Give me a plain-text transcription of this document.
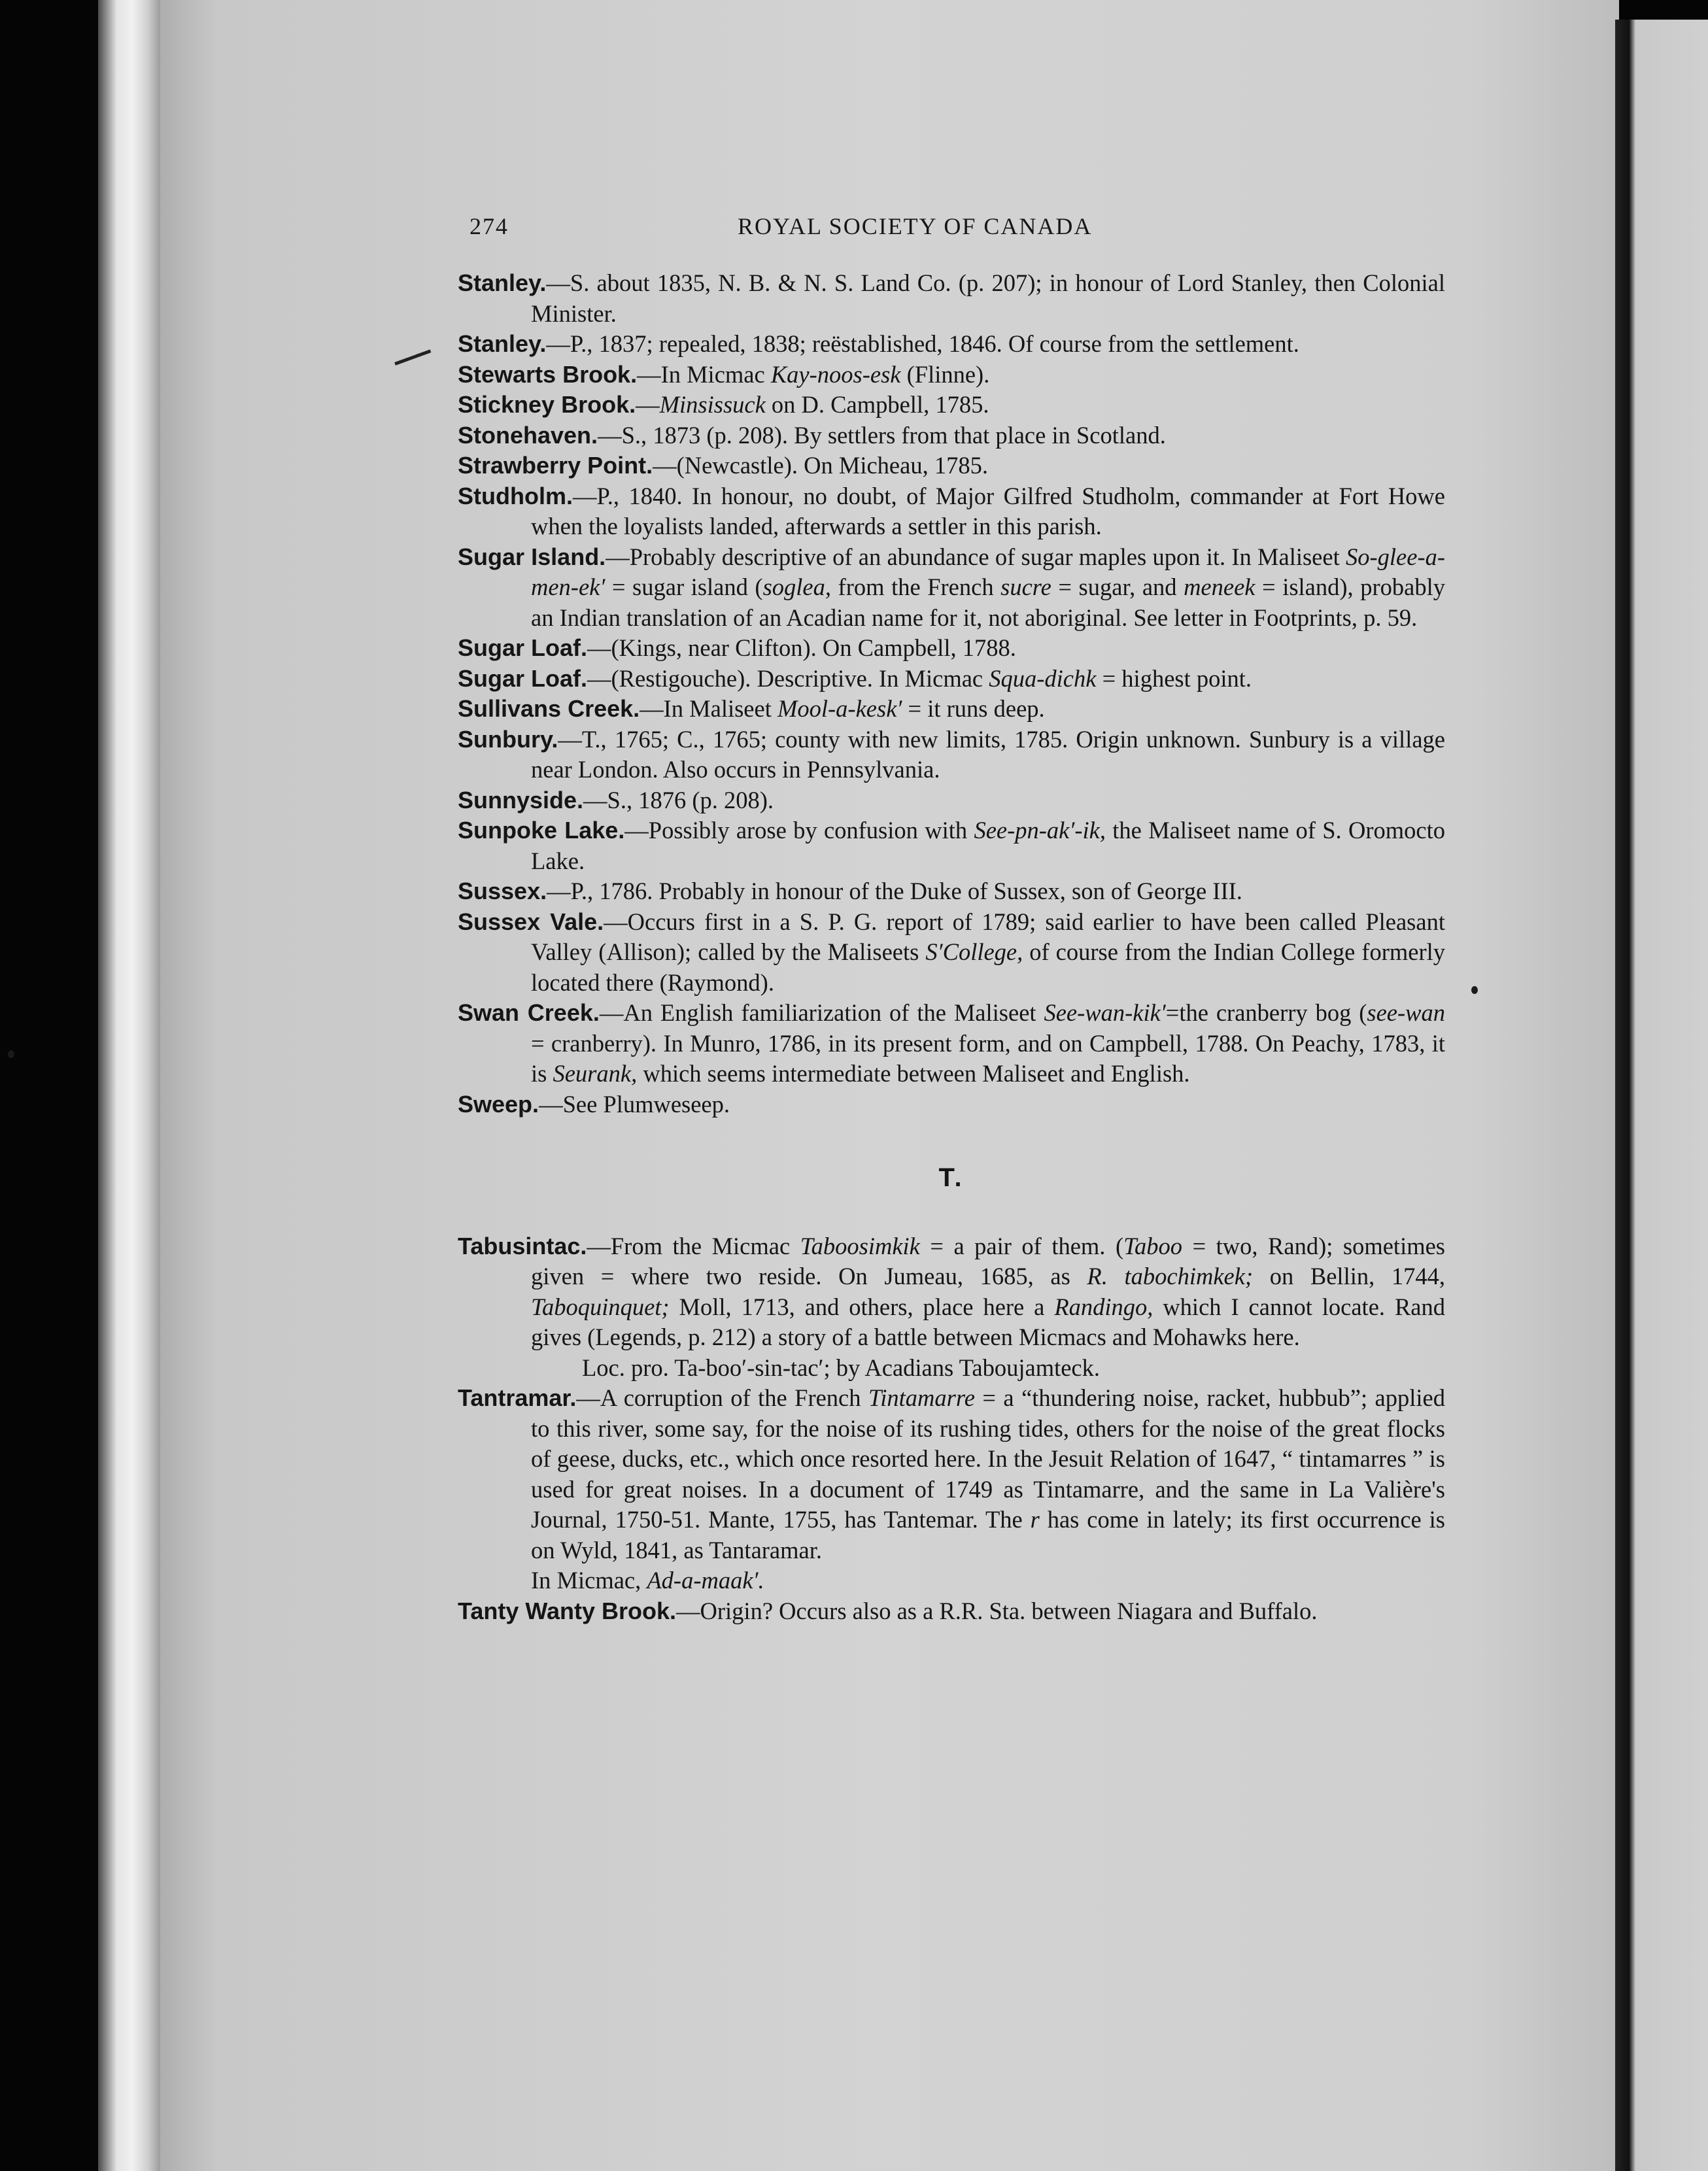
274	ROYAL SOCIETY OF CANADA
Stanley.—S. about 1835, N. B. & N. S. Land Co. (p. 207); in honour of Lord Stanley, then Colonial Minister.
Stanley.—P., 1837; repealed, 1838; reëstablished, 1846. Of course from the settlement.
Stewarts Brook.—In Micmac Kay-noos-esk (Flinne).
Stickney Brook.—Minsissuck on D. Campbell, 1785.
Stonehaven.—S., 1873 (p. 208). By settlers from that place in Scotland.
Strawberry Point.—(Newcastle). On Micheau, 1785.
Studholm.—P., 1840. In honour, no doubt, of Major Gilfred Studholm, commander at Fort Howe when the loyalists landed, afterwards a settler in this parish.
Sugar Island.—Probably descriptive of an abundance of sugar maples upon it. In Maliseet So-glee-a-men-ek′ = sugar island (soglea, from the French sucre = sugar, and meneek = island), probably an Indian translation of an Acadian name for it, not aboriginal. See letter in Footprints, p. 59.
Sugar Loaf.—(Kings, near Clifton). On Campbell, 1788.
Sugar Loaf.—(Restigouche). Descriptive. In Micmac Squa-dichk = highest point.
Sullivans Creek.—In Maliseet Mool-a-kesk′ = it runs deep.
Sunbury.—T., 1765; C., 1765; county with new limits, 1785. Origin unknown. Sunbury is a village near London. Also occurs in Pennsylvania.
Sunnyside.—S., 1876 (p. 208).
Sunpoke Lake.—Possibly arose by confusion with See-pn-ak′-ik, the Maliseet name of S. Oromocto Lake.
Sussex.—P., 1786. Probably in honour of the Duke of Sussex, son of George III.
Sussex Vale.—Occurs first in a S. P. G. report of 1789; said earlier to have been called Pleasant Valley (Allison); called by the Maliseets S′College, of course from the Indian College formerly located there (Raymond).
Swan Creek.—An English familiarization of the Maliseet See-wan-kik′=the cranberry bog (see-wan = cranberry). In Munro, 1786, in its present form, and on Campbell, 1788. On Peachy, 1783, it is Seurank, which seems intermediate between Maliseet and English.
Sweep.—See Plumweseep.
T.
Tabusintac.—From the Micmac Taboosimkik = a pair of them. (Taboo = two, Rand); sometimes given = where two reside. On Jumeau, 1685, as R. tabochimkek; on Bellin, 1744, Taboquinquet; Moll, 1713, and others, place here a Randingo, which I cannot locate. Rand gives (Legends, p. 212) a story of a battle between Micmacs and Mohawks here.
Loc. pro. Ta-boo′-sin-tac′; by Acadians Taboujamteck.
Tantramar.—A corruption of the French Tintamarre = a “thundering noise, racket, hubbub”; applied to this river, some say, for the noise of its rushing tides, others for the noise of the great flocks of geese, ducks, etc., which once resorted here. In the Jesuit Relation of 1647, “ tintamarres ” is used for great noises. In a document of 1749 as Tintamarre, and the same in La Valière's Journal, 1750-51. Mante, 1755, has Tantemar. The r has come in lately; its first occurrence is on Wyld, 1841, as Tantaramar.
In Micmac, Ad-a-maak′.
Tanty Wanty Brook.—Origin? Occurs also as a R.R. Sta. between Niagara and Buffalo.
